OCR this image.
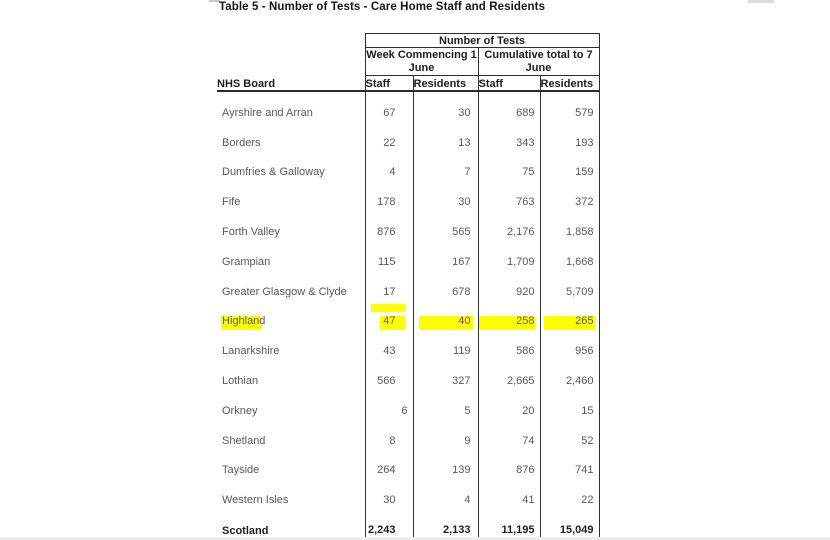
Table 5 - Number of Tests - Care Home Staff and Residents
	Number of Tests			
	Week Commencing 1 June		Cumulative total to 7 June	
NHS Board	Staff	Residents	Staff	Residents
Ayrshire and Arran	67	30	689	579
Borders	22	13	343	193
Dumfries & Galloway	4	7	75	159
Fife	178	30	763	372
Forth Valley	876	565	2,176	1,858
Grampian	115	167	1,709	1,668
Greater Glasgow & Clyde	17	678	920	5,709

Highland	47	40	258	265
Lanarkshire	43	119	586	956
Lothian	566	327	2,665	2,460
Orkney	6	5	20	15
Shetland	8	9	74	52
Tayside	264	139	876	741
Western Isles	30	4	41	22
Scotland	2,243	2,133	11,195	15,049
